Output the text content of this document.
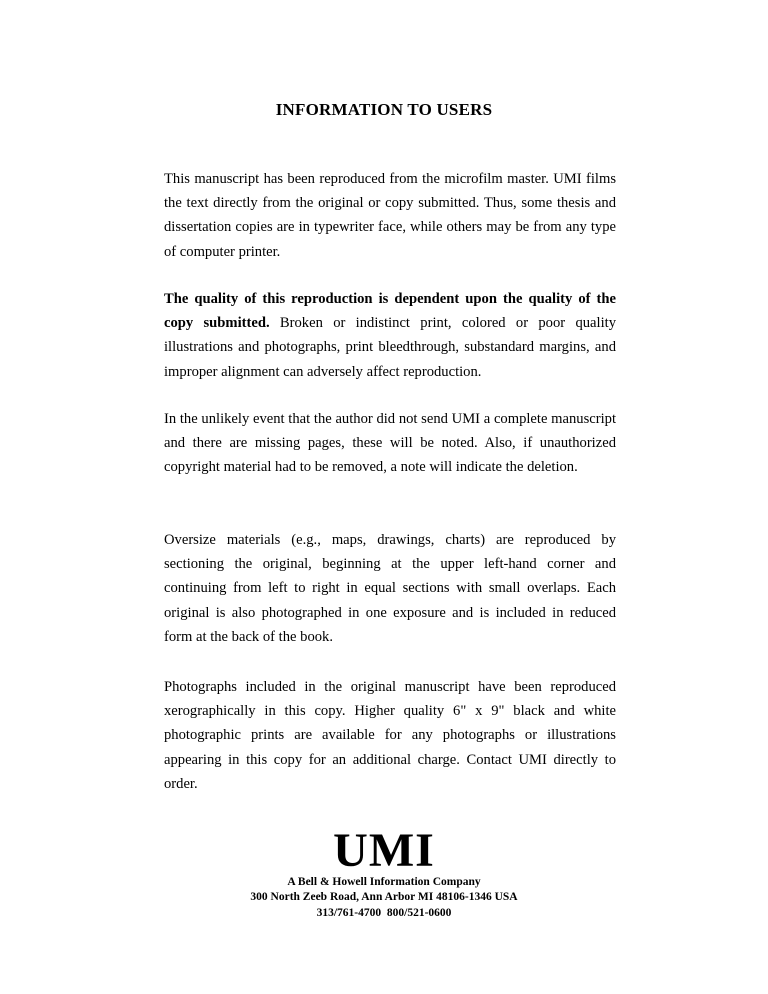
INFORMATION TO USERS

This manuscript has been reproduced from the microfilm master. UMI films the text directly from the original or copy submitted. Thus, some thesis and dissertation copies are in typewriter face, while others may be from any type of computer printer.

The quality of this reproduction is dependent upon the quality of the copy submitted. Broken or indistinct print, colored or poor quality illustrations and photographs, print bleedthrough, substandard margins, and improper alignment can adversely affect reproduction.

In the unlikely event that the author did not send UMI a complete manuscript and there are missing pages, these will be noted. Also, if unauthorized copyright material had to be removed, a note will indicate the deletion.

Oversize materials (e.g., maps, drawings, charts) are reproduced by sectioning the original, beginning at the upper left-hand corner and continuing from left to right in equal sections with small overlaps. Each original is also photographed in one exposure and is included in reduced form at the back of the book.

Photographs included in the original manuscript have been reproduced xerographically in this copy. Higher quality 6" x 9" black and white photographic prints are available for any photographs or illustrations appearing in this copy for an additional charge. Contact UMI directly to order.

UMI
A Bell & Howell Information Company
300 North Zeeb Road, Ann Arbor MI 48106-1346 USA
313/761-4700  800/521-0600
